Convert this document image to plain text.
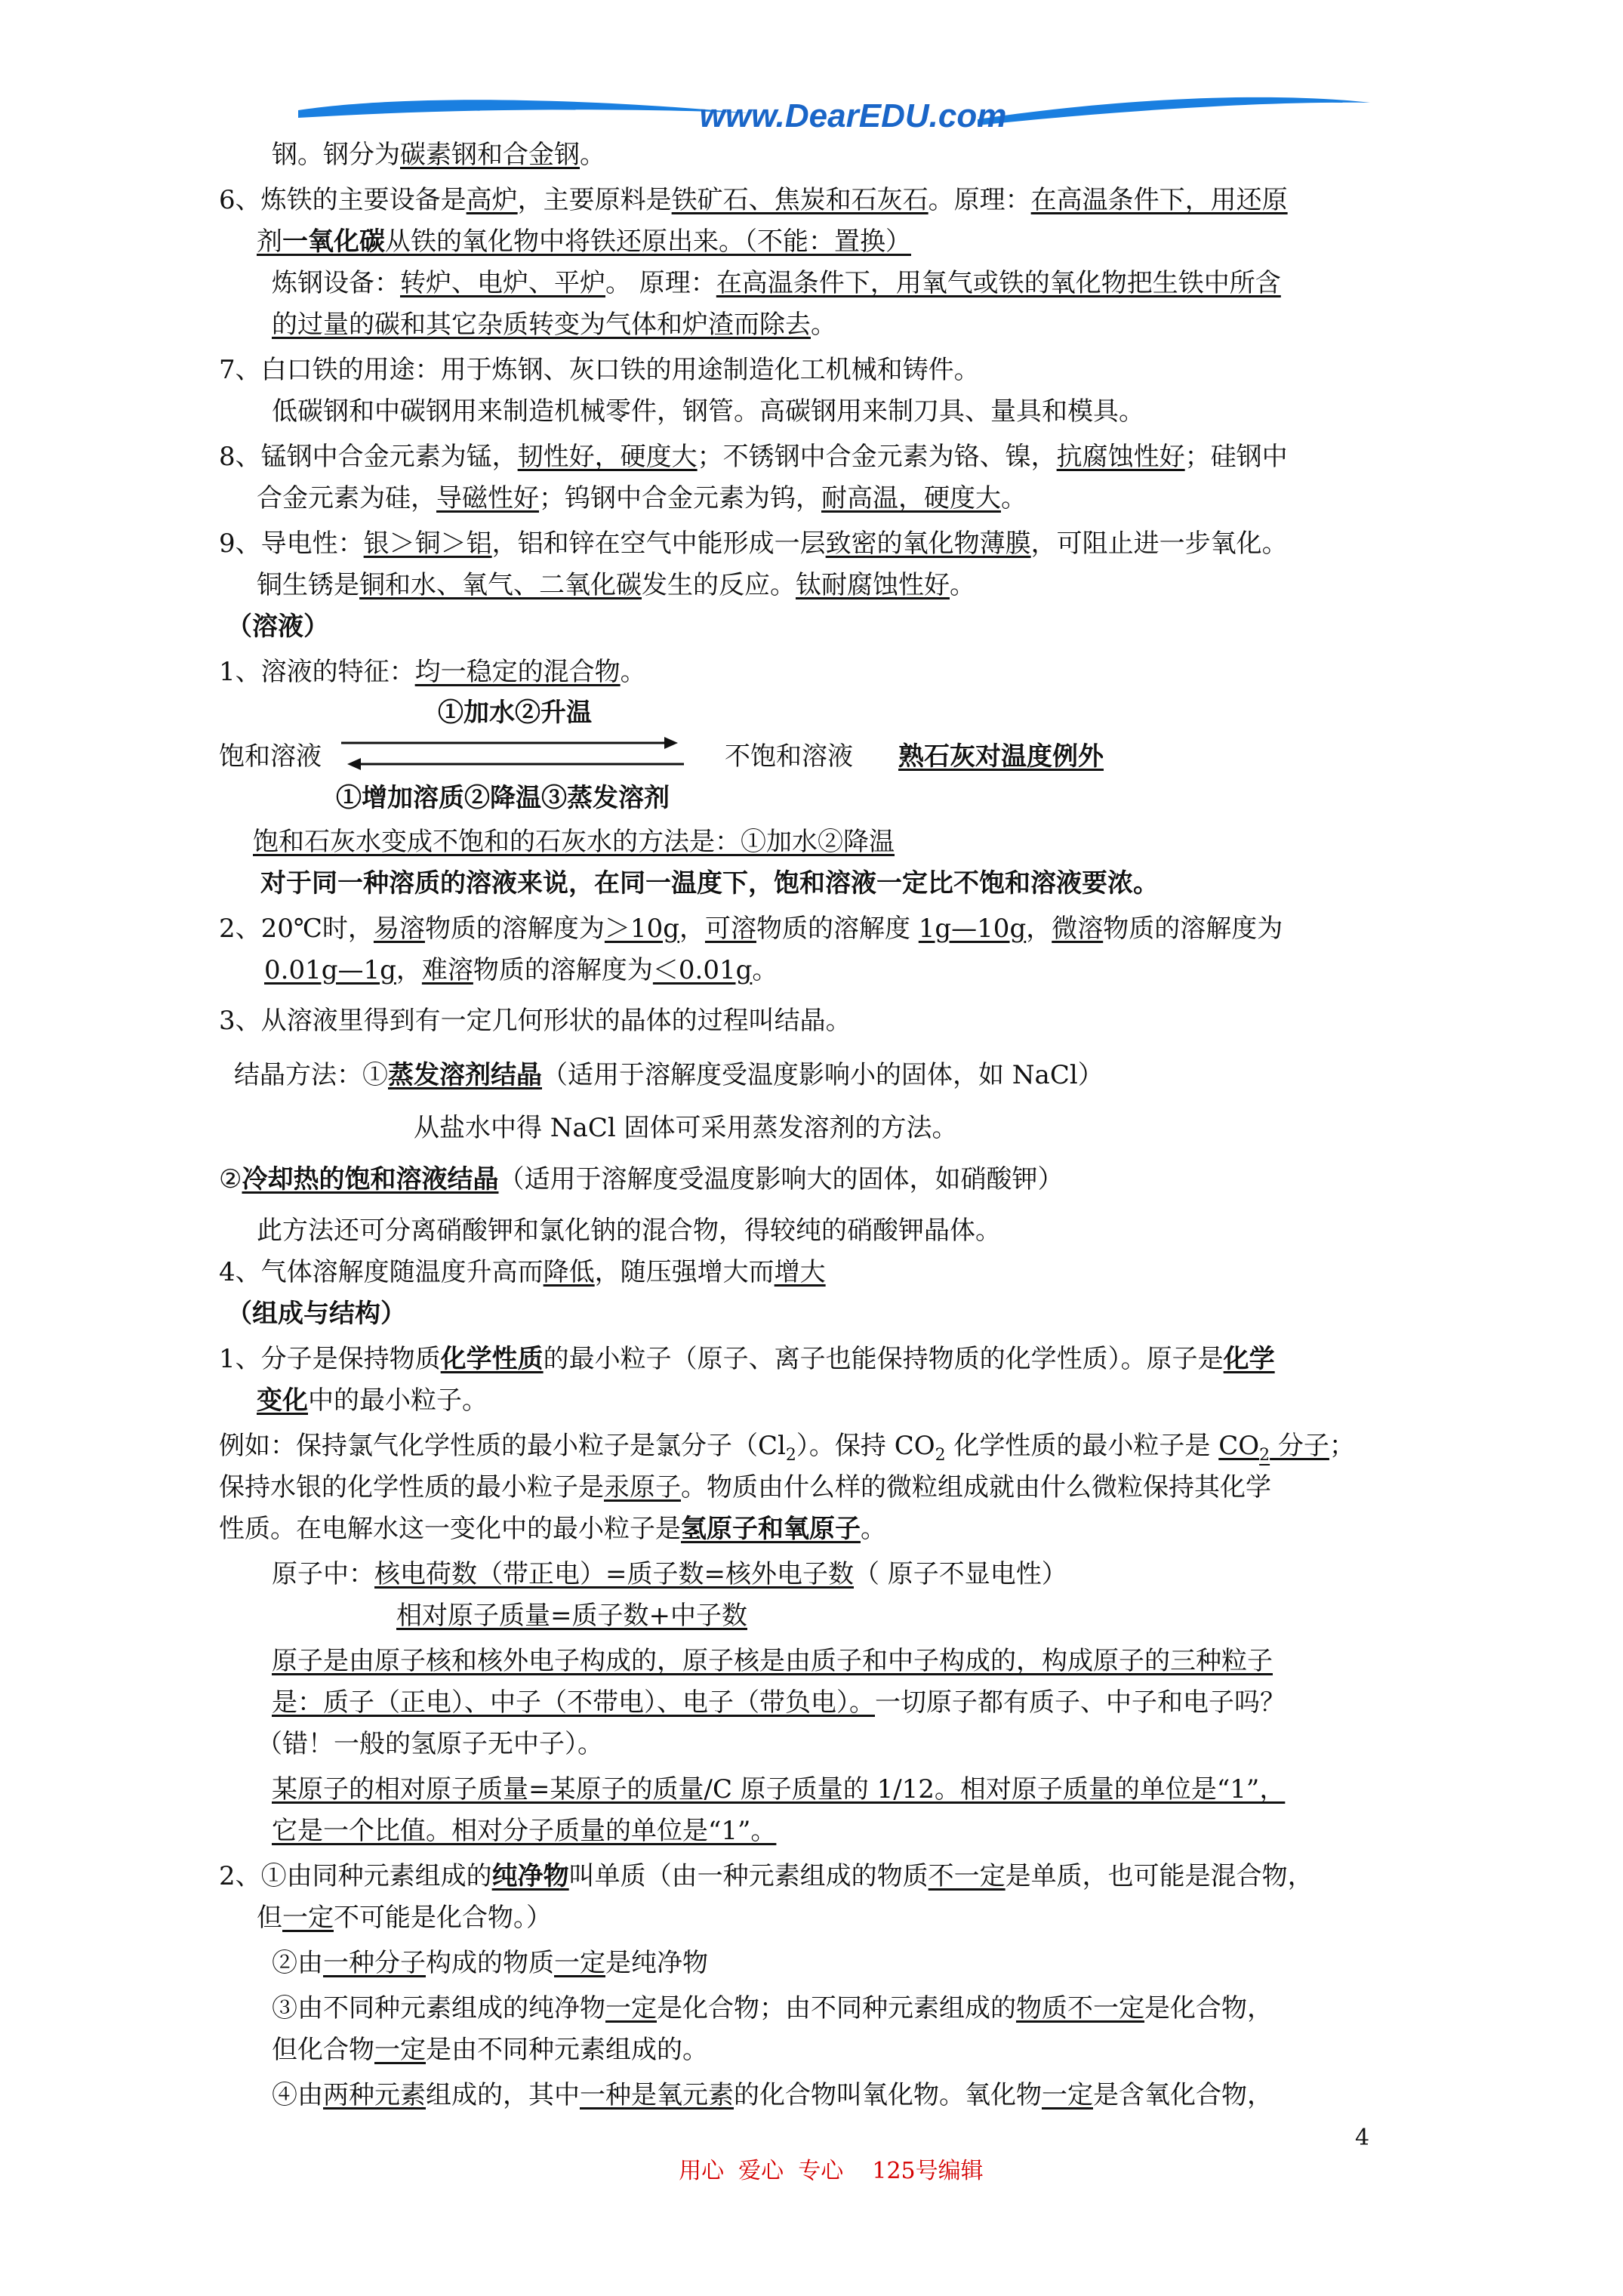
www.DearEDU.com
钢。钢分为碳素钢和合金钢。
6、炼铁的主要设备是高炉，主要原料是铁矿石、焦炭和石灰石。原理：在高温条件下，用还原
剂一氧化碳从铁的氧化物中将铁还原出来。（不能：置换）
炼钢设备：转炉、电炉、平炉。 原理：在高温条件下，用氧气或铁的氧化物把生铁中所含
的过量的碳和其它杂质转变为气体和炉渣而除去。
7、白口铁的用途：用于炼钢、灰口铁的用途制造化工机械和铸件。
低碳钢和中碳钢用来制造机械零件，钢管。高碳钢用来制刀具、量具和模具。
8、锰钢中合金元素为锰，韧性好，硬度大；不锈钢中合金元素为铬、镍，抗腐蚀性好；硅钢中
合金元素为硅，导磁性好；钨钢中合金元素为钨，耐高温，硬度大。
9、导电性：银＞铜＞铝，铝和锌在空气中能形成一层致密的氧化物薄膜，可阻止进一步氧化。
铜生锈是铜和水、氧气、二氧化碳发生的反应。钛耐腐蚀性好。
（溶液）
1、溶液的特征：均一稳定的混合物。
①加水②升温
饱和溶液	不饱和溶液 熟石灰对温度例外
①增加溶质②降温③蒸发溶剂
饱和石灰水变成不饱和的石灰水的方法是：①加水②降温
对于同一种溶质的溶液来说，在同一温度下，饱和溶液一定比不饱和溶液要浓。
2、20℃时，易溶物质的溶解度为＞10g，可溶物质的溶解度 1g—10g，微溶物质的溶解度为
0.01g—1g，难溶物质的溶解度为＜0.01g。
3、从溶液里得到有一定几何形状的晶体的过程叫结晶。
结晶方法：①蒸发溶剂结晶（适用于溶解度受温度影响小的固体，如 NaCl）
从盐水中得 NaCl 固体可采用蒸发溶剂的方法。
②冷却热的饱和溶液结晶（适用于溶解度受温度影响大的固体，如硝酸钾）
此方法还可分离硝酸钾和氯化钠的混合物，得较纯的硝酸钾晶体。
4、气体溶解度随温度升高而降低，随压强增大而增大
（组成与结构）
1、分子是保持物质化学性质的最小粒子（原子、离子也能保持物质的化学性质）。原子是化学
变化中的最小粒子。
例如：保持氯气化学性质的最小粒子是氯分子$(Cl_2)$。保持 $CO_2$ 化学性质的最小粒子是 $CO_2$ 分子；
保持水银的化学性质的最小粒子是汞原子。物质由什么样的微粒组成就由什么微粒保持其化学
性质。在电解水这一变化中的最小粒子是氢原子和氧原子。
原子中：核电荷数（带正电）=质子数=核外电子数（ 原子不显电性）
相对原子质量=质子数+中子数
原子是由原子核和核外电子构成的，原子核是由质子和中子构成的，构成原子的三种粒子
是：质子（正电）、中子（不带电）、电子（带负电）。一切原子都有质子、中子和电子吗？
（错！一般的氢原子无中子）。
某原子的相对原子质量=某原子的质量/C 原子质量的 1/12。相对原子质量的单位是“1”，
它是一个比值。相对分子质量的单位是“1”。
2、①由同种元素组成的纯净物叫单质（由一种元素组成的物质不一定是单质，也可能是混合物，
但一定不可能是化合物。）
②由一种分子构成的物质一定是纯净物
③由不同种元素组成的纯净物一定是化合物；由不同种元素组成的物质不一定是化合物，
但化合物一定是由不同种元素组成的。
④由两种元素组成的，其中一种是氧元素的化合物叫氧化物。氧化物一定是含氧化合物，

用心  爱心  专心    125号编辑

4
